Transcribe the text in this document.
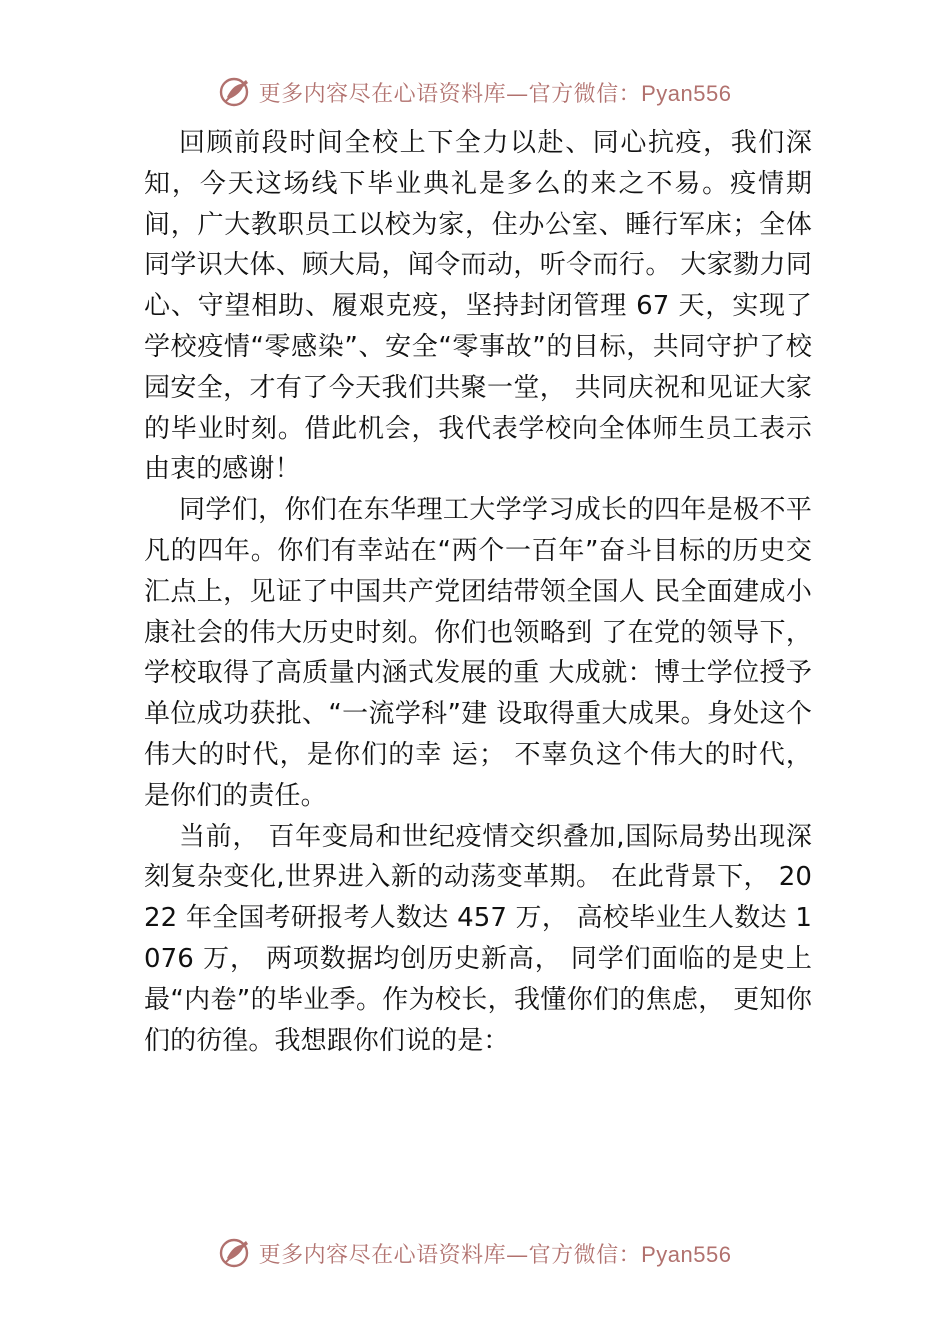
更多内容尽在心语资料库—官方微信：Pyan556

回顾前段时间全校上下全力以赴、同心抗疫，我们深知，今天这场线下毕业典礼是多么的来之不易。疫情期间，广大教职员工以校为家，住办公室、睡行军床；全体同学识大体、顾大局，闻令而动，听令而行。 大家勠力同心、守望相助、履艰克疫，坚持封闭管理 67 天，实现了学校疫情“零感染”、安全“零事故”的目标，共同守护了校园安全，才有了今天我们共聚一堂， 共同庆祝和见证大家的毕业时刻。借此机会，我代表学校向全体师生员工表示由衷的感谢！

同学们，你们在东华理工大学学习成长的四年是极不平凡的四年。你们有幸站在“两个一百年”奋斗目标的历史交汇点上，见证了中国共产党团结带领全国人 民全面建成小康社会的伟大历史时刻。你们也领略到 了在党的领导下，学校取得了高质量内涵式发展的重 大成就：博士学位授予单位成功获批、“一流学科”建 设取得重大成果。身处这个伟大的时代，是你们的幸 运； 不辜负这个伟大的时代， 是你们的责任。

当前， 百年变局和世纪疫情交织叠加,国际局势出现深刻复杂变化,世界进入新的动荡变革期。 在此背景下， 2022 年全国考研报考人数达 457 万， 高校毕业生人数达 1076 万， 两项数据均创历史新高， 同学们面临的是史上最“内卷”的毕业季。作为校长，我懂你们的焦虑， 更知你们的彷徨。我想跟你们说的是：

更多内容尽在心语资料库—官方微信：Pyan556
